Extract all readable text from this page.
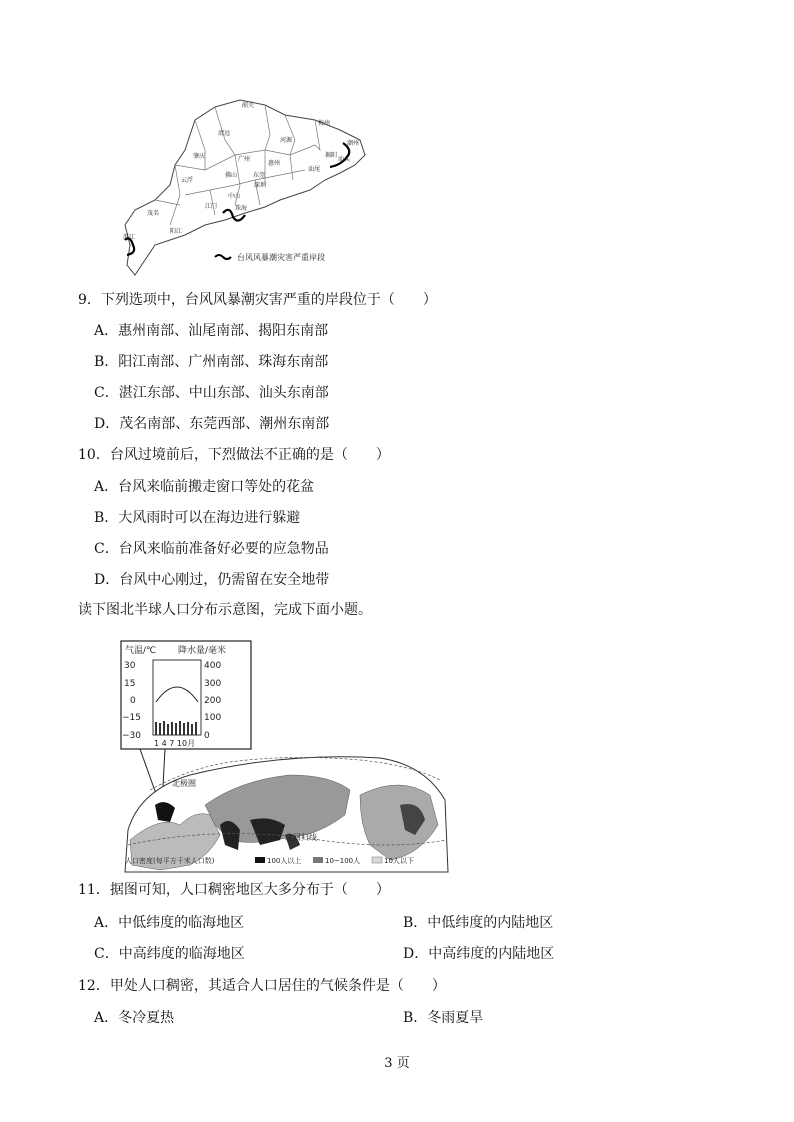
韶关
梅州
清远
河源	潮州
揭阳
肇庆	广州
惠州
汕头
汕尾
云浮
佛山	东莞
深圳
江门
茂名
阳江
湛江
中山
珠海
台风风暴潮灾害严重岸段
9．下列选项中，台风风暴潮灾害严重的岸段位于（　　）
A．惠州南部、汕尾南部、揭阳东南部
B．阳江南部、广州南部、珠海东南部
C．湛江东部、中山东部、汕头东南部
D．茂名南部、东莞西部、潮州东南部
10．台风过境前后，下烈做法不正确的是（　　）
A．台风来临前搬走窗口等处的花盆
B．大风雨时可以在海边进行躲避
C．台风来临前准备好必要的应急物品
D．台风中心刚过，仍需留在安全地带
读下图北半球人口分布示意图，完成下面小题。
气温/℃ 降水量/毫米
30
15
0
−15
−30
400
300
200
100
0
1 4 7 10月
北极圈
甲
北回归线
人口密度(每平方千米人口数)	100人以上	10~100人	10人以下
11．据图可知，人口稠密地区大多分布于（　　）
A．中低纬度的临海地区	B．中低纬度的内陆地区
C．中高纬度的临海地区	D．中高纬度的内陆地区
12．甲处人口稠密，其适合人口居住的气候条件是（　　）
A．冬冷夏热	B．冬雨夏旱
3 页
